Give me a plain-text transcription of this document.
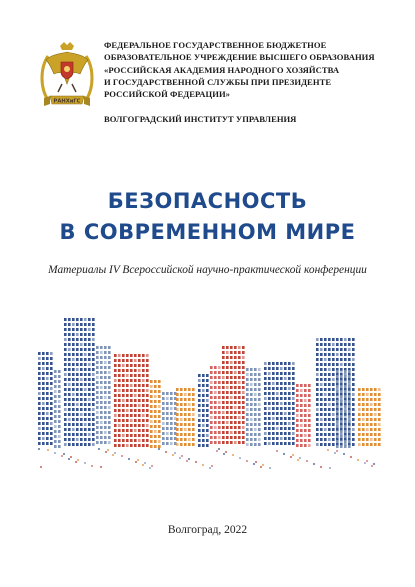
РАНХиГС
ФЕДЕРАЛЬНОЕ ГОСУДАРСТВЕННОЕ БЮДЖЕТНОЕ
ОБРАЗОВАТЕЛЬНОЕ УЧРЕЖДЕНИЕ ВЫСШЕГО ОБРАЗОВАНИЯ
«РОССИЙСКАЯ АКАДЕМИЯ НАРОДНОГО ХОЗЯЙСТВА
И ГОСУДАРСТВЕННОЙ СЛУЖБЫ ПРИ ПРЕЗИДЕНТЕ
РОССИЙСКОЙ ФЕДЕРАЦИИ»
ВОЛГОГРАДСКИЙ ИНСТИТУТ УПРАВЛЕНИЯ
БЕЗОПАСНОСТЬ
В СОВРЕМЕННОМ МИРЕ
Материалы IV Всероссийской научно-практической конференции
Волгоград, 2022
